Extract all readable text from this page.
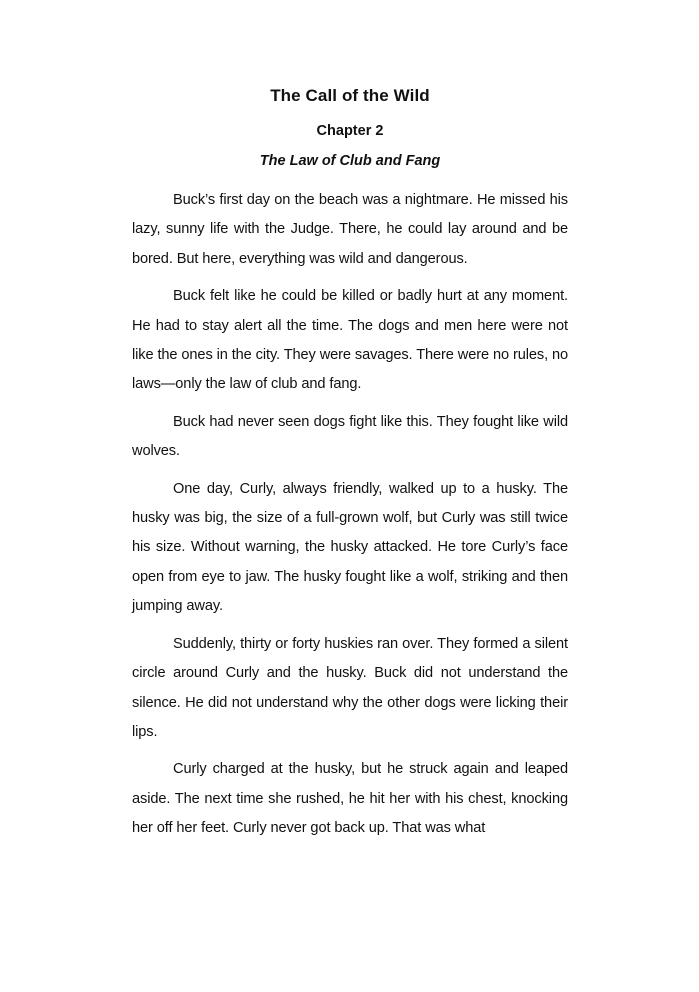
The Call of the Wild
Chapter 2
The Law of Club and Fang

Buck’s first day on the beach was a nightmare. He missed his lazy, sunny life with the Judge. There, he could lay around and be bored. But here, everything was wild and dangerous.

Buck felt like he could be killed or badly hurt at any moment. He had to stay alert all the time. The dogs and men here were not like the ones in the city. They were savages. There were no rules, no laws—only the law of club and fang.

Buck had never seen dogs fight like this. They fought like wild wolves.

One day, Curly, always friendly, walked up to a husky. The husky was big, the size of a full-grown wolf, but Curly was still twice his size. Without warning, the husky attacked. He tore Curly’s face open from eye to jaw. The husky fought like a wolf, striking and then jumping away.

Suddenly, thirty or forty huskies ran over. They formed a silent circle around Curly and the husky. Buck did not understand the silence. He did not understand why the other dogs were licking their lips.

Curly charged at the husky, but he struck again and leaped aside. The next time she rushed, he hit her with his chest, knocking her off her feet. Curly never got back up. That was what
